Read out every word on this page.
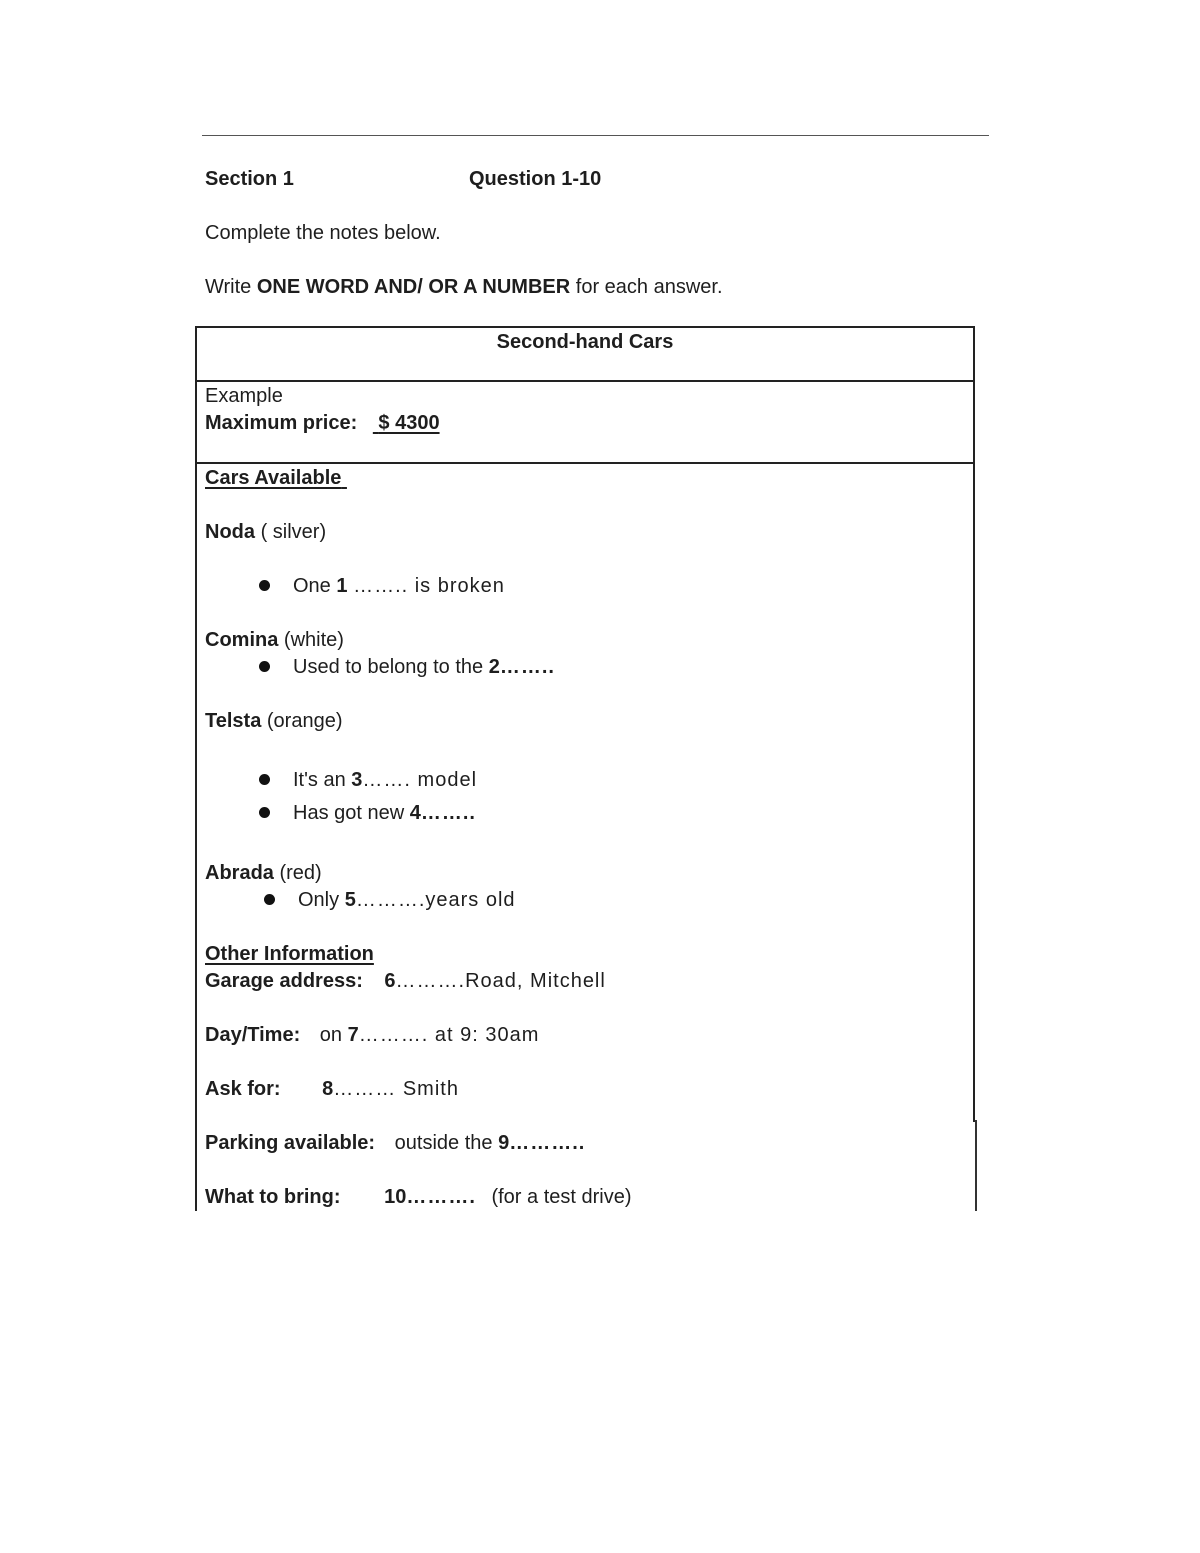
Section 1	Question 1-10
Complete the notes below.
Write ONE WORD AND/ OR A NUMBER for each answer.
Second-hand Cars
Example
Maximum price: $ 4300
Cars Available
Noda ( silver)
One 1 …….. is broken
Comina (white)
Used to belong to the 2……..
Telsta (orange)
It's an 3……. model
Has got new 4……..
Abrada (red)
Only 5……….years old
Other Information
Garage address: 6……….Road, Mitchell
Day/Time: on 7………. at 9: 30am
Ask for: 8……… Smith
Parking available: outside the 9………..
What to bring: 10………. (for a test drive)
